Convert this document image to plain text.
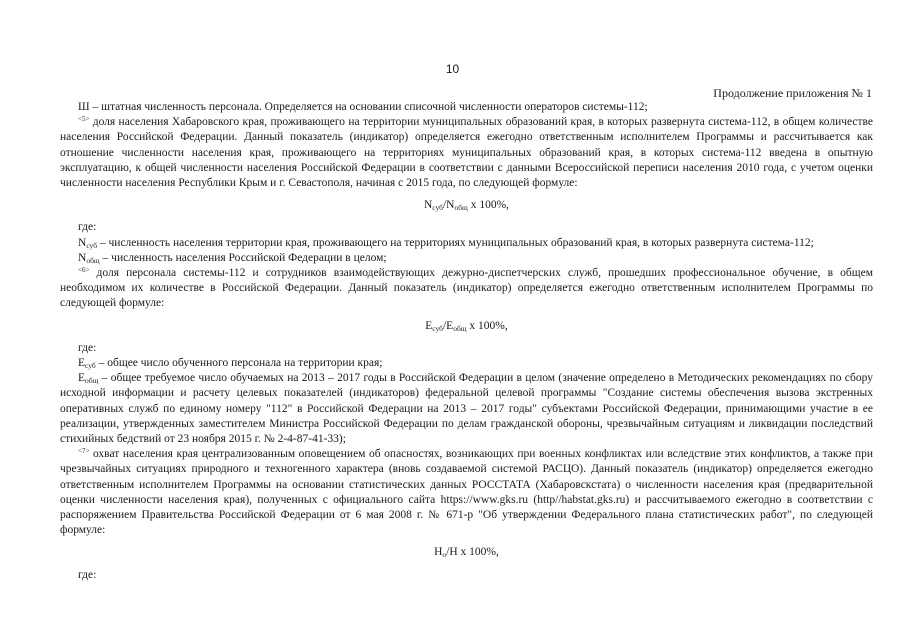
10
Продолжение приложения № 1

Ш – штатная численность персонала. Определяется на основании списочной численности операторов системы-112;

$^{<5>}$ доля населения Хабаровского края, проживающего на территории муниципальных образований края, в которых развернута система-112, в общем количестве населения Российской Федерации. Данный показатель (индикатор) определяется ежегодно ответственным исполнителем Программы и рассчитывается как отношение численности населения края, проживающего на территориях муниципальных образований края, в которых система-112 введена в опытную эксплуатацию, к общей численности населения Российской Федерации в соответствии с данными Всероссийской переписи населения 2010 года, с учетом оценки численности населения Республики Крым и г. Севастополя, начиная с 2015 года, по следующей формуле:

$N_{суб}/N_{общ}$ x 100%,

где:

$N_{суб}$ – численность населения территории края, проживающего на территориях муниципальных образований края, в которых развернута система-112;

$N_{общ}$ – численность населения Российской Федерации в целом;

$^{<6>}$ доля персонала системы-112 и сотрудников взаимодействующих дежурно-диспетчерских служб, прошедших профессиональное обучение, в общем необходимом их количестве в Российской Федерации. Данный показатель (индикатор) определяется ежегодно ответственным исполнителем Программы по следующей формуле:

$E_{суб}/E_{общ}$ x 100%,

где:

$E_{суб}$ – общее число обученного персонала на территории края;

$E_{общ}$ – общее требуемое число обучаемых на 2013 – 2017 годы в Российской Федерации в целом (значение определено в Методических рекомендациях по сбору исходной информации и расчету целевых показателей (индикаторов) федеральной целевой программы "Создание системы обеспечения вызова экстренных оперативных служб по единому номеру "112" в Российской Федерации на 2013 – 2017 годы" субъектами Российской Федерации, принимающими участие в ее реализации, утвержденных заместителем Министра Российской Федерации по делам гражданской обороны, чрезвычайным ситуациям и ликвидации последствий стихийных бедствий от 23 ноября 2015 г. № 2-4-87-41-33);

$^{<7>}$ охват населения края централизованным оповещением об опасностях, возникающих при военных конфликтах или вследствие этих конфликтов, а также при чрезвычайных ситуациях природного и техногенного характера (вновь создаваемой системой РАСЦО). Данный показатель (индикатор) определяется ежегодно ответственным исполнителем Программы на основании статистических данных РОССТАТА (Хабаровскстата) о численности населения края (предварительной оценки численности населения края), полученных с официального сайта https://www.gks.ru (http//habstat.gks.ru) и рассчитываемого ежегодно в соответствии с распоряжением Правительства Российской Федерации от 6 мая 2008 г. № 671-р "Об утверждении Федерального плана статистических работ", по следующей формуле:

$Н_о/Н$ x 100%,

где:
